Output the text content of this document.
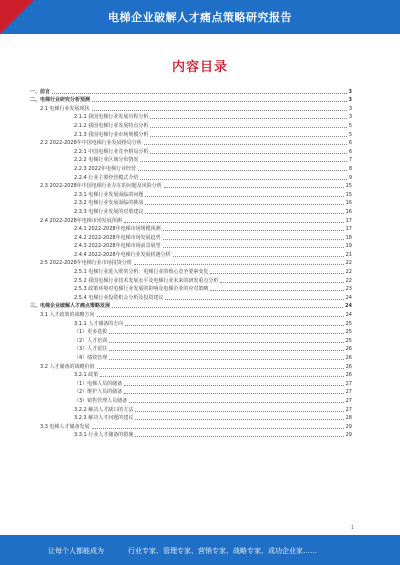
电梯企业破解人才痛点策略研究报告
内容目录
一、前言	3
二、电梯行业研究分析预测	3
2.1 电梯行业发展现状	3
2.1.1 我国电梯行业发展历程分析	3
2.1.2 我国电梯行业发展特点分析	5
2.1.3 我国电梯行业市场规模分析	5
2.2 2022-2028年中国电梯行业发展格局分析	6
2.2.1 中国电梯行业竞争格局分析	6
2.2.2 电梯行业区域分布情况	7
2.2.3 2022年电梯行业经营	8
2.2.4 行业主要经营模式介绍	9
2.3 2022-2028年中国电梯行业存在的问题及风险分析	15
2.3.1 电梯行业发展面临的问题	15
2.3.2 电梯行业发展面临的挑战	16
2.3.3 电梯行业发展的对策建议	16
2.4 2022-2028年电梯市场发展预测	17
2.4.1 2022-2028年电梯市场规模预测	17
2.4.2 2022-2028年电梯市场发展趋势	18
2.4.3 2022-2028年电梯市场前景展望	19
2.4.4 2022-2028年电梯行业发展机遇分析	21
2.5 2022-2028年电梯行业市场投资分析	22
2.5.1 电梯行业进入壁垒分析：电梯行业的核心竞争要素变化	22
2.5.2 我国电梯行业技术发展水平及电梯行业未来的研发重点分析	22
2.5.3 政策环境对电梯行业发展的影响及电梯企业的应对策略	23
2.5.4 电梯行业投资机会分析及投资建议	24
三、电梯企业破解人才痛点策略发展	24
3.1 人才政策的战略方向	24
3.1.1 人才储备的方向	25
（1）更多选拔	25
（2）人才培训	25
（3）人才留住	26
（4）绩效管理	26
3.2 人才储备的战略价值	26
3.2.1 政策	26
（1）电梯人员的储备	27
（2）维护人员的储备	27
（3）销售管理人员储备	27
3.2.2 解决人才缺口的方法	27
3.2.3 解决人才问题的建议	28
3.3 电梯人才储备发展	29
3.3.1 行业人才储备的措施	29
1
让每个人都能成为	行业专家、管理专家、营销专家、战略专家、成功企业家……
